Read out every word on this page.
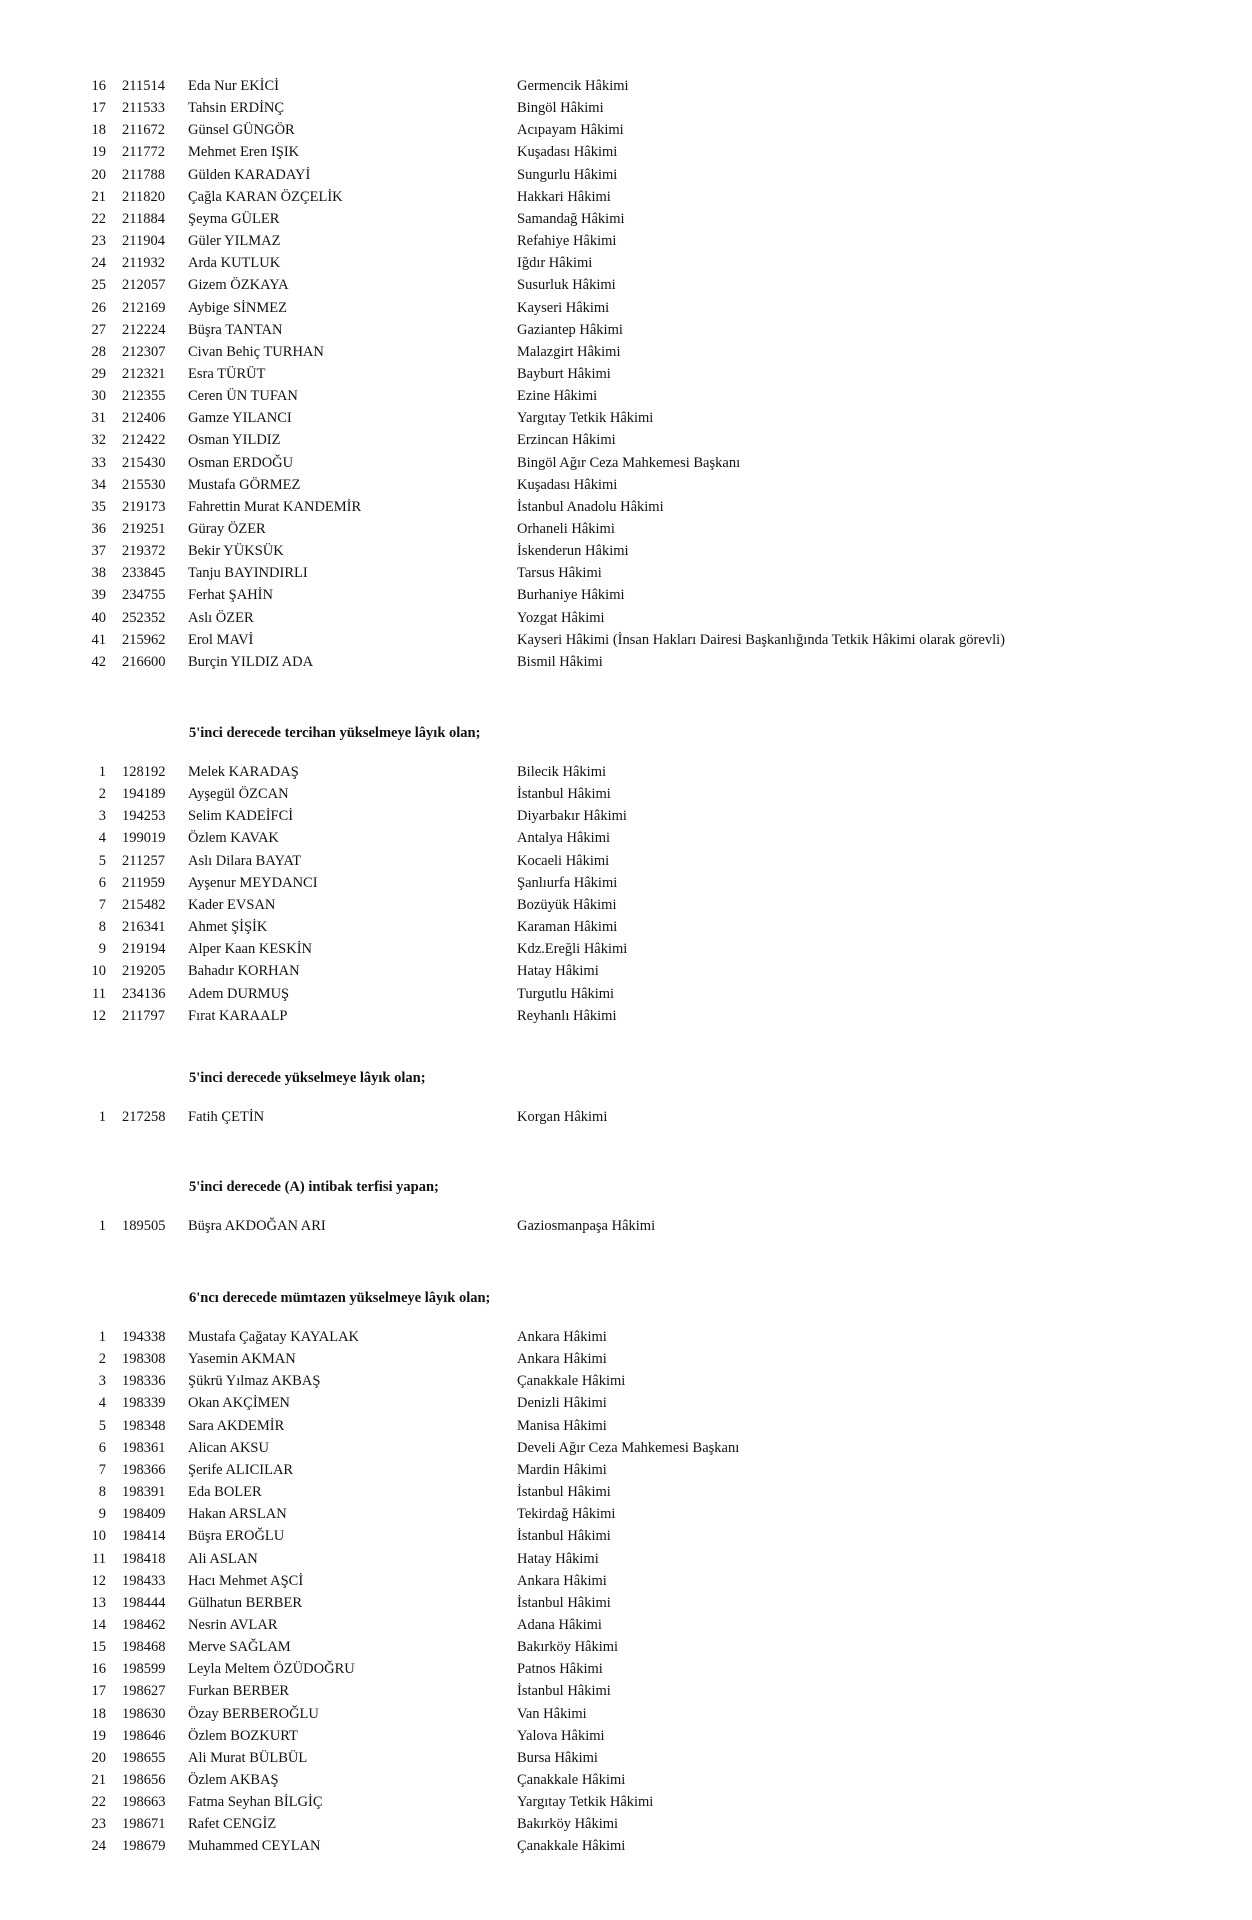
16 211514 Eda Nur EKİCİ	Germencik Hâkimi
17 211533 Tahsin ERDİNÇ	Bingöl Hâkimi
18 211672 Günsel GÜNGÖR	Acıpayam Hâkimi
19 211772 Mehmet Eren IŞIK	Kuşadası Hâkimi
20 211788 Gülden KARADAYİ	Sungurlu Hâkimi
21 211820 Çağla KARAN ÖZÇELİK	Hakkari Hâkimi
22 211884 Şeyma GÜLER	Samandağ Hâkimi
23 211904 Güler YILMAZ	Refahiye Hâkimi
24 211932 Arda KUTLUK	Iğdır Hâkimi
25 212057 Gizem ÖZKAYA	Susurluk Hâkimi
26 212169 Aybige SİNMEZ	Kayseri Hâkimi
27 212224 Büşra TANTAN	Gaziantep Hâkimi
28 212307 Civan Behiç TURHAN	Malazgirt Hâkimi
29 212321 Esra TÜRÜT	Bayburt Hâkimi
30 212355 Ceren ÜN TUFAN	Ezine Hâkimi
31 212406 Gamze YILANCI	Yargıtay Tetkik Hâkimi
32 212422 Osman YILDIZ	Erzincan Hâkimi
33 215430 Osman ERDOĞU	Bingöl Ağır Ceza Mahkemesi Başkanı
34 215530 Mustafa GÖRMEZ	Kuşadası Hâkimi
35 219173 Fahrettin Murat KANDEMİR	İstanbul Anadolu Hâkimi
36 219251 Güray ÖZER	Orhaneli Hâkimi
37 219372 Bekir YÜKSÜK	İskenderun Hâkimi
38 233845 Tanju BAYINDIRLI	Tarsus Hâkimi
39 234755 Ferhat ŞAHİN	Burhaniye Hâkimi
40 252352 Aslı ÖZER	Yozgat Hâkimi
41 215962 Erol MAVİ	Kayseri Hâkimi (İnsan Hakları Dairesi Başkanlığında Tetkik Hâkimi olarak görevli)
42 216600 Burçin YILDIZ ADA	Bismil Hâkimi
5'inci derecede tercihan yükselmeye lâyık olan;
1 128192 Melek KARADAŞ	Bilecik Hâkimi
2 194189 Ayşegül ÖZCAN	İstanbul Hâkimi
3 194253 Selim KADEİFCİ	Diyarbakır Hâkimi
4 199019 Özlem KAVAK	Antalya Hâkimi
5 211257 Aslı Dilara BAYAT	Kocaeli Hâkimi
6 211959 Ayşenur MEYDANCI	Şanlıurfa Hâkimi
7 215482 Kader EVSAN	Bozüyük Hâkimi
8 216341 Ahmet ŞİŞİK	Karaman Hâkimi
9 219194 Alper Kaan KESKİN	Kdz.Ereğli Hâkimi
10 219205 Bahadır KORHAN	Hatay Hâkimi
11 234136 Adem DURMUŞ	Turgutlu Hâkimi
12 211797 Fırat KARAALP	Reyhanlı Hâkimi
5'inci derecede yükselmeye lâyık olan;
1 217258 Fatih ÇETİN	Korgan Hâkimi
5'inci derecede (A) intibak terfisi yapan;
1 189505 Büşra AKDOĞAN ARI	Gaziosmanpaşa Hâkimi
6'ncı derecede mümtazen yükselmeye lâyık olan;
1 194338 Mustafa Çağatay KAYALAK	Ankara Hâkimi
2 198308 Yasemin AKMAN	Ankara Hâkimi
3 198336 Şükrü Yılmaz AKBAŞ	Çanakkale Hâkimi
4 198339 Okan AKÇİMEN	Denizli Hâkimi
5 198348 Sara AKDEMİR	Manisa Hâkimi
6 198361 Alican AKSU	Develi Ağır Ceza Mahkemesi Başkanı
7 198366 Şerife ALICILAR	Mardin Hâkimi
8 198391 Eda BOLER	İstanbul Hâkimi
9 198409 Hakan ARSLAN	Tekirdağ Hâkimi
10 198414 Büşra EROĞLU	İstanbul Hâkimi
11 198418 Ali ASLAN	Hatay Hâkimi
12 198433 Hacı Mehmet AŞCİ	Ankara Hâkimi
13 198444 Gülhatun BERBER	İstanbul Hâkimi
14 198462 Nesrin AVLAR	Adana Hâkimi
15 198468 Merve SAĞLAM	Bakırköy Hâkimi
16 198599 Leyla Meltem ÖZÜDOĞRU	Patnos Hâkimi
17 198627 Furkan BERBER	İstanbul Hâkimi
18 198630 Özay BERBEROĞLU	Van Hâkimi
19 198646 Özlem BOZKURT	Yalova Hâkimi
20 198655 Ali Murat BÜLBÜL	Bursa Hâkimi
21 198656 Özlem AKBAŞ	Çanakkale Hâkimi
22 198663 Fatma Seyhan BİLGİÇ	Yargıtay Tetkik Hâkimi
23 198671 Rafet CENGİZ	Bakırköy Hâkimi
24 198679 Muhammed CEYLAN	Çanakkale Hâkimi
